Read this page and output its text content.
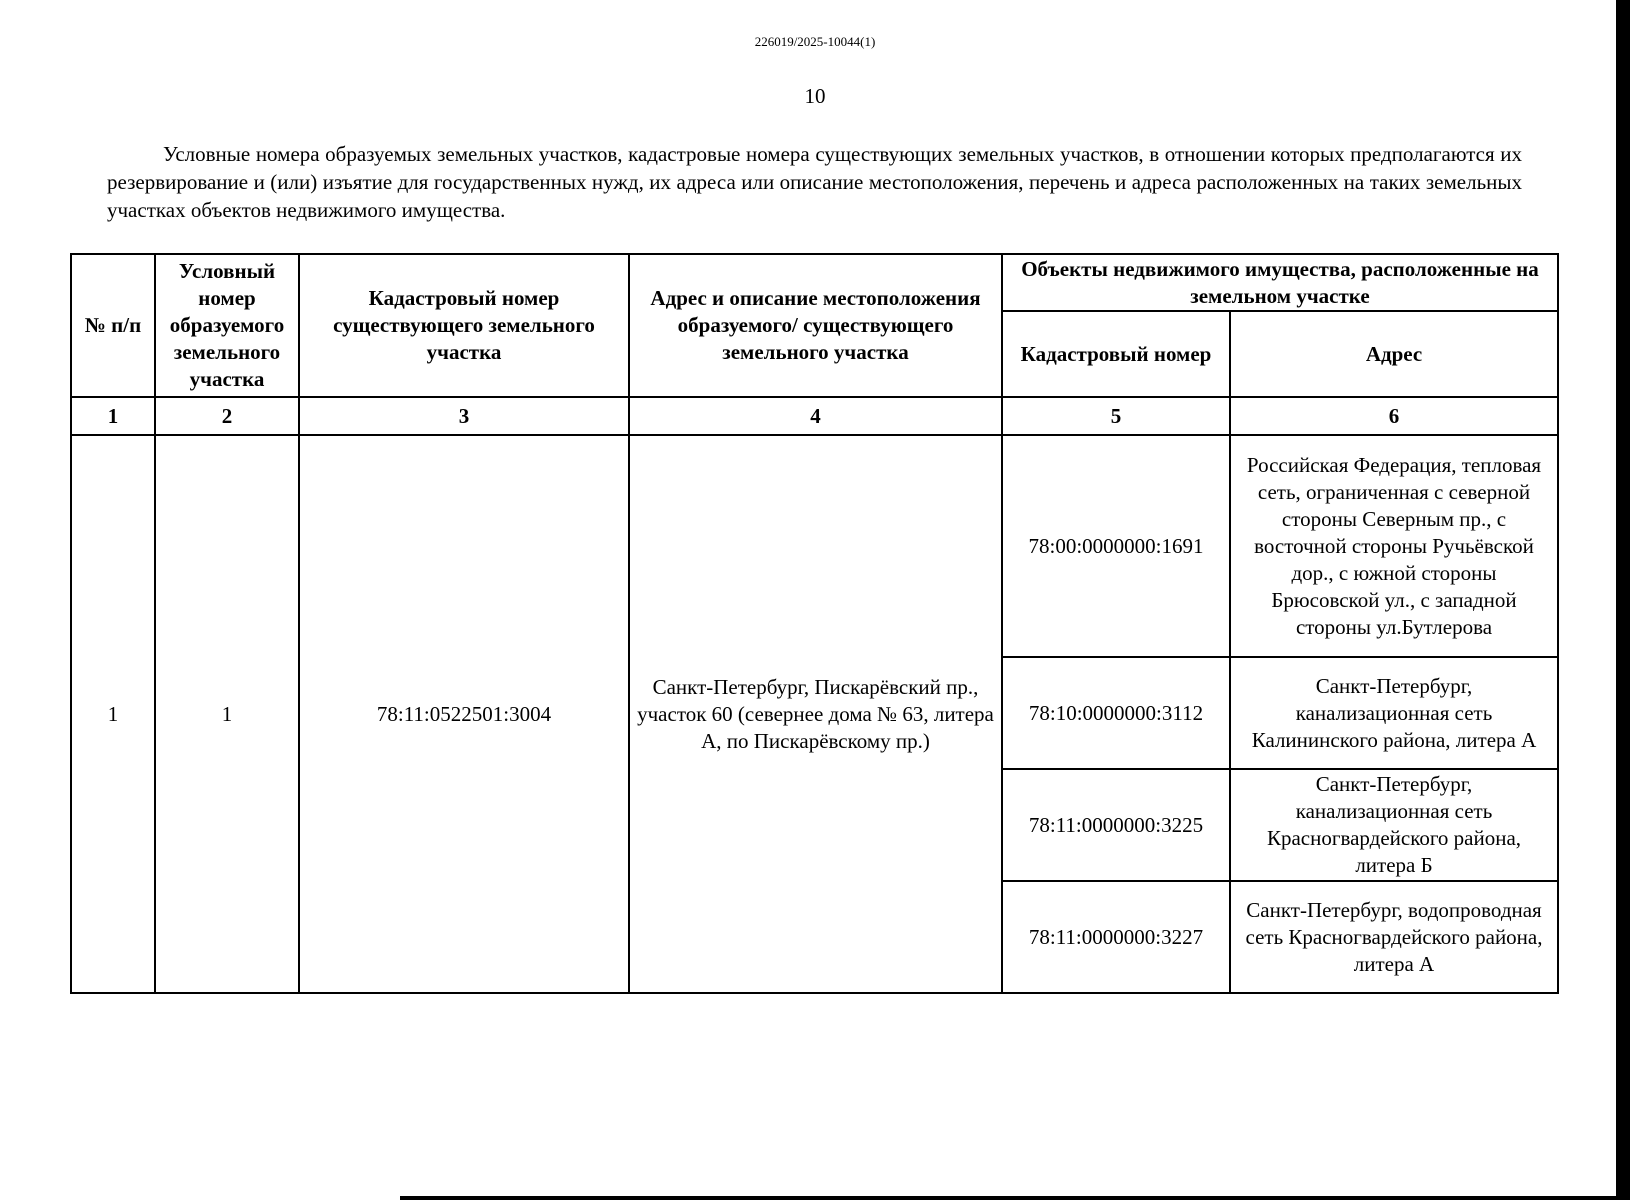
226019/2025-10044(1)
10

Условные номера образуемых земельных участков, кадастровые номера существующих земельных участков, в отношении которых предполагаются их резервирование и (или) изъятие для государственных нужд, их адреса или описание местоположения, перечень и адреса расположенных на таких земельных участках объектов недвижимого имущества.

№ п/п	Условный номер образуемого земельного участка	Кадастровый номер существующего земельного участка	Адрес и описание местоположения образуемого/ существующего земельного участка	Объекты недвижимого имущества, расположенные на земельном участке	
				Кадастровый номер	Адрес
1	2	3	4	5	6
1	1	78:11:0522501:3004	Санкт-Петербург, Пискарёвский пр., участок 60 (севернее дома № 63, литера А, по Пискарёвскому пр.)	78:00:0000000:1691	Российская Федерация, тепловая сеть, ограниченная с северной стороны Северным пр., с восточной стороны Ручьёвской дор., с южной стороны Брюсовской ул., с западной стороны ул.Бутлерова
				78:10:0000000:3112	Санкт-Петербург, канализационная сеть Калининского района, литера А
				78:11:0000000:3225	Санкт-Петербург, канализационная сеть Красногвардейского района, литера Б
				78:11:0000000:3227	Санкт-Петербург, водопроводная сеть Красногвардейского района, литера А
